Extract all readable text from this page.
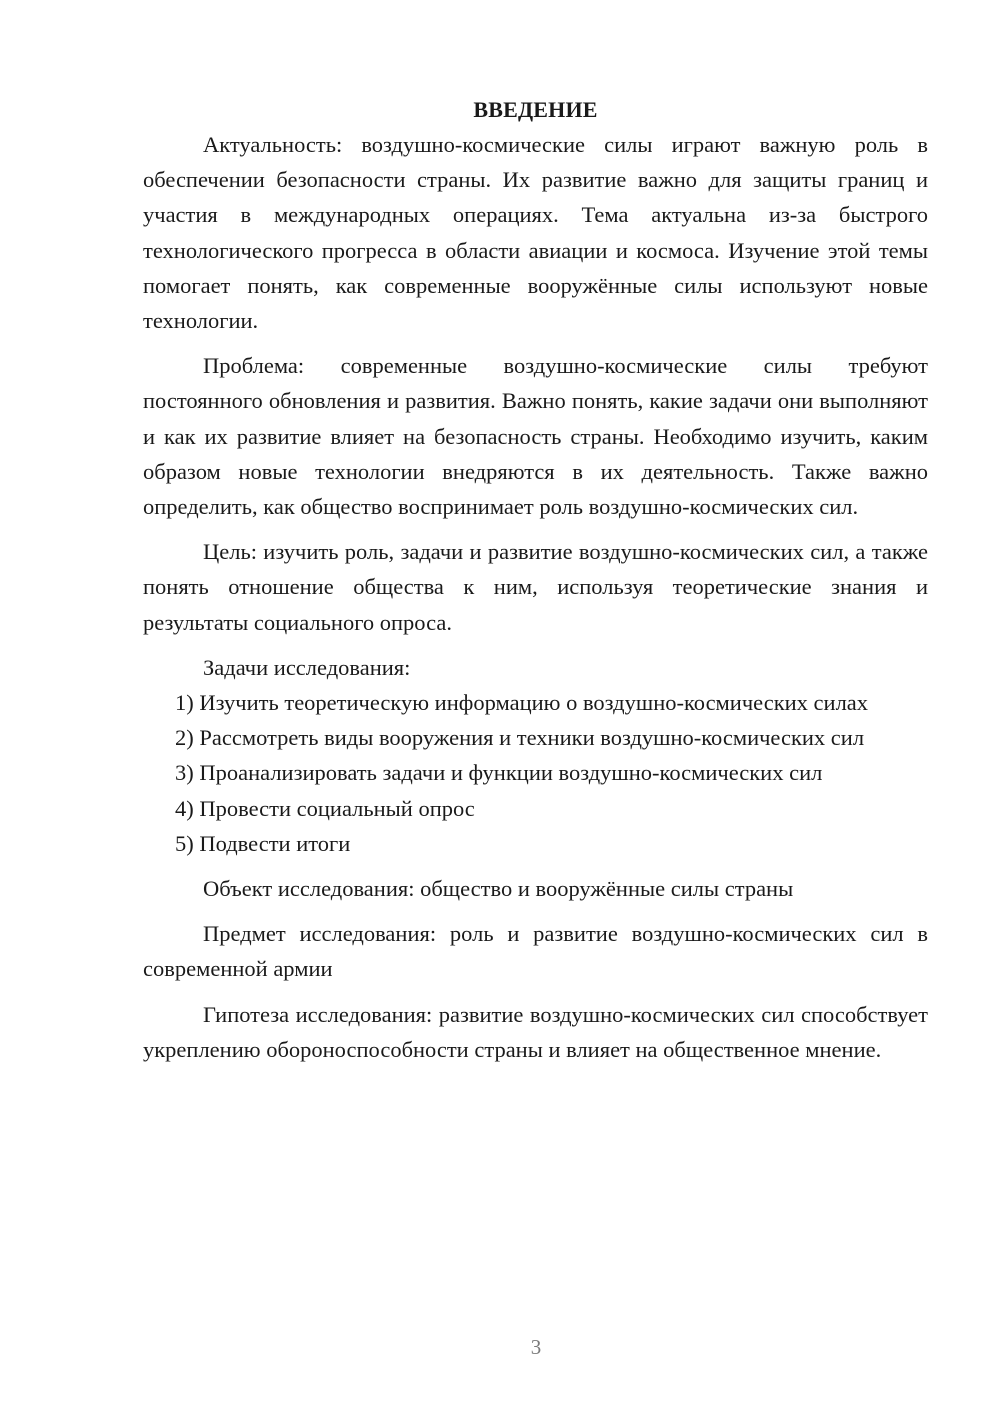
ВВЕДЕНИЕ

Актуальность: воздушно-космические силы играют важную роль в обеспечении безопасности страны. Их развитие важно для защиты границ и участия в международных операциях. Тема актуальна из-за быстрого технологического прогресса в области авиации и космоса. Изучение этой темы помогает понять, как современные вооружённые силы используют новые технологии.

Проблема: современные воздушно-космические силы требуют постоянного обновления и развития. Важно понять, какие задачи они выполняют и как их развитие влияет на безопасность страны. Необходимо изучить, каким образом новые технологии внедряются в их деятельность. Также важно определить, как общество воспринимает роль воздушно-космических сил.

Цель: изучить роль, задачи и развитие воздушно-космических сил, а также понять отношение общества к ним, используя теоретические знания и результаты социального опроса.

Задачи исследования:

1) Изучить теоретическую информацию о воздушно-космических силах

2) Рассмотреть виды вооружения и техники воздушно-космических сил

3) Проанализировать задачи и функции воздушно-космических сил

4) Провести социальный опрос

5) Подвести итоги

Объект исследования: общество и вооружённые силы страны

Предмет исследования: роль и развитие воздушно-космических сил в современной армии

Гипотеза исследования: развитие воздушно-космических сил способствует укреплению обороноспособности страны и влияет на общественное мнение.

3
